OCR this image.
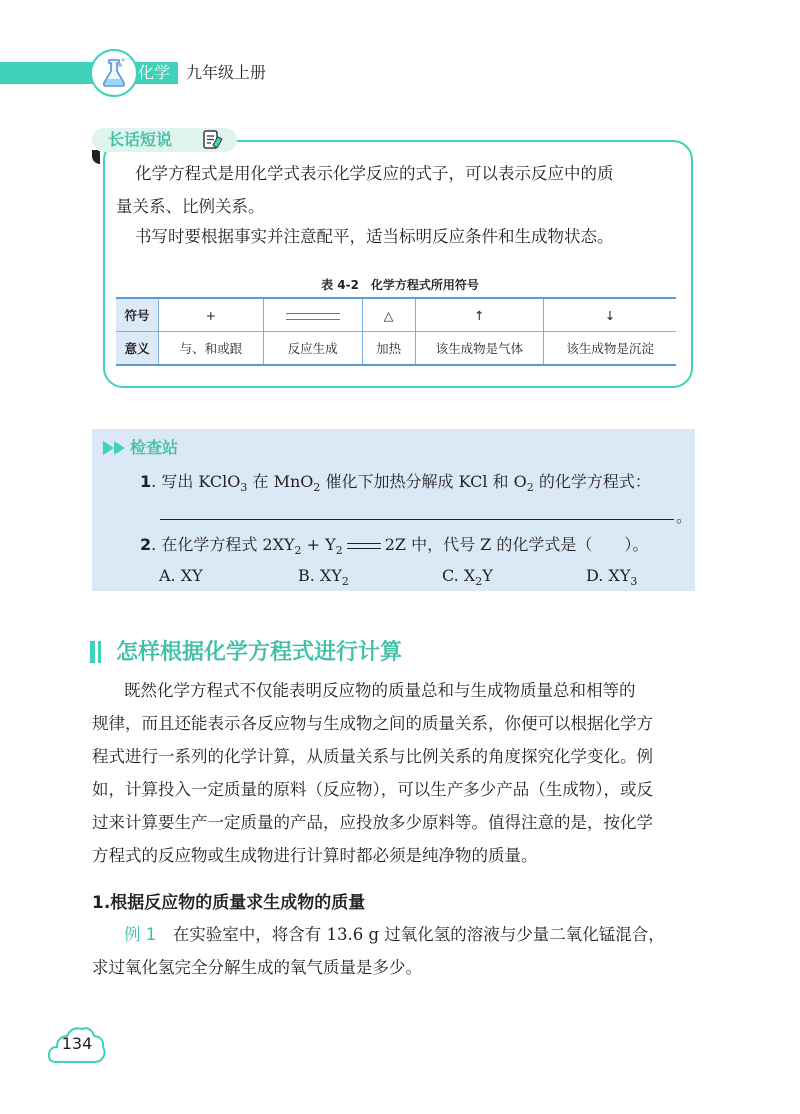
化学 九年级上册
长话短说
化学方程式是用化学式表示化学反应的式子，可以表示反应中的质
量关系、比例关系。
书写时要根据事实并注意配平，适当标明反应条件和生成物状态。
表 4-2　化学方程式所用符号
符号	+		△	↑	↓
意义	与、和或跟	反应生成	加热	该生成物是气体	该生成物是沉淀
检查站
1. 写出 KClO$_3$ 在 MnO$_2$ 催化下加热分解成 KCl 和 $O_2$ 的化学方程式：
。
2. 在化学方程式 $2XY_2 + Y_2$	2Z 中，代号 Z 的化学式是（　　）。
A. XY	B. $XY_2$	C. $X_2Y$	D. $XY_3$
怎样根据化学方程式进行计算
既然化学方程式不仅能表明反应物的质量总和与生成物质量总和相等的
规律，而且还能表示各反应物与生成物之间的质量关系，你便可以根据化学方
程式进行一系列的化学计算，从质量关系与比例关系的角度探究化学变化。例
如，计算投入一定质量的原料（反应物），可以生产多少产品（生成物），或反
过来计算要生产一定质量的产品，应投放多少原料等。值得注意的是，按化学
方程式的反应物或生成物进行计算时都必须是纯净物的质量。
1.根据反应物的质量求生成物的质量
例 1　 在实验室中，将含有 13.6 g 过氧化氢的溶液与少量二氧化锰混合，
求过氧化氢完全分解生成的氧气质量是多少。
134
